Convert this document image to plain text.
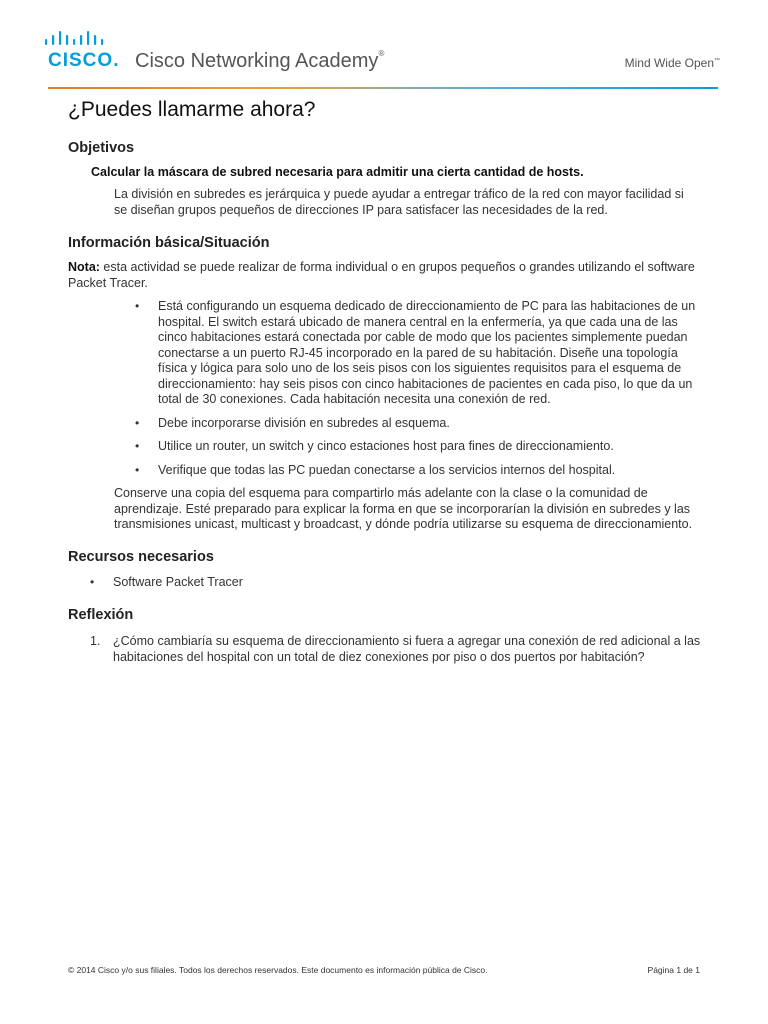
CISCO. Cisco Networking Academy®
Mind Wide Open™
¿Puedes llamarme ahora?
Objetivos
Calcular la máscara de subred necesaria para admitir una cierta cantidad de hosts.
La división en subredes es jerárquica y puede ayudar a entregar tráfico de la red con mayor facilidad si se diseñan grupos pequeños de direcciones IP para satisfacer las necesidades de la red.
Información básica/Situación
Nota: esta actividad se puede realizar de forma individual o en grupos pequeños o grandes utilizando el software Packet Tracer.
• Está configurando un esquema dedicado de direccionamiento de PC para las habitaciones de un hospital. El switch estará ubicado de manera central en la enfermería, ya que cada una de las cinco habitaciones estará conectada por cable de modo que los pacientes simplemente puedan conectarse a un puerto RJ-45 incorporado en la pared de su habitación. Diseñe una topología física y lógica para solo uno de los seis pisos con los siguientes requisitos para el esquema de direccionamiento: hay seis pisos con cinco habitaciones de pacientes en cada piso, lo que da un total de 30 conexiones. Cada habitación necesita una conexión de red.
• Debe incorporarse división en subredes al esquema.
• Utilice un router, un switch y cinco estaciones host para fines de direccionamiento.
• Verifique que todas las PC puedan conectarse a los servicios internos del hospital.
Conserve una copia del esquema para compartirlo más adelante con la clase o la comunidad de aprendizaje. Esté preparado para explicar la forma en que se incorporarían la división en subredes y las transmisiones unicast, multicast y broadcast, y dónde podría utilizarse su esquema de direccionamiento.
Recursos necesarios
• Software Packet Tracer
Reflexión
1. ¿Cómo cambiaría su esquema de direccionamiento si fuera a agregar una conexión de red adicional a las habitaciones del hospital con un total de diez conexiones por piso o dos puertos por habitación?
© 2014 Cisco y/o sus filiales. Todos los derechos reservados. Este documento es información pública de Cisco.	Página 1 de 1
